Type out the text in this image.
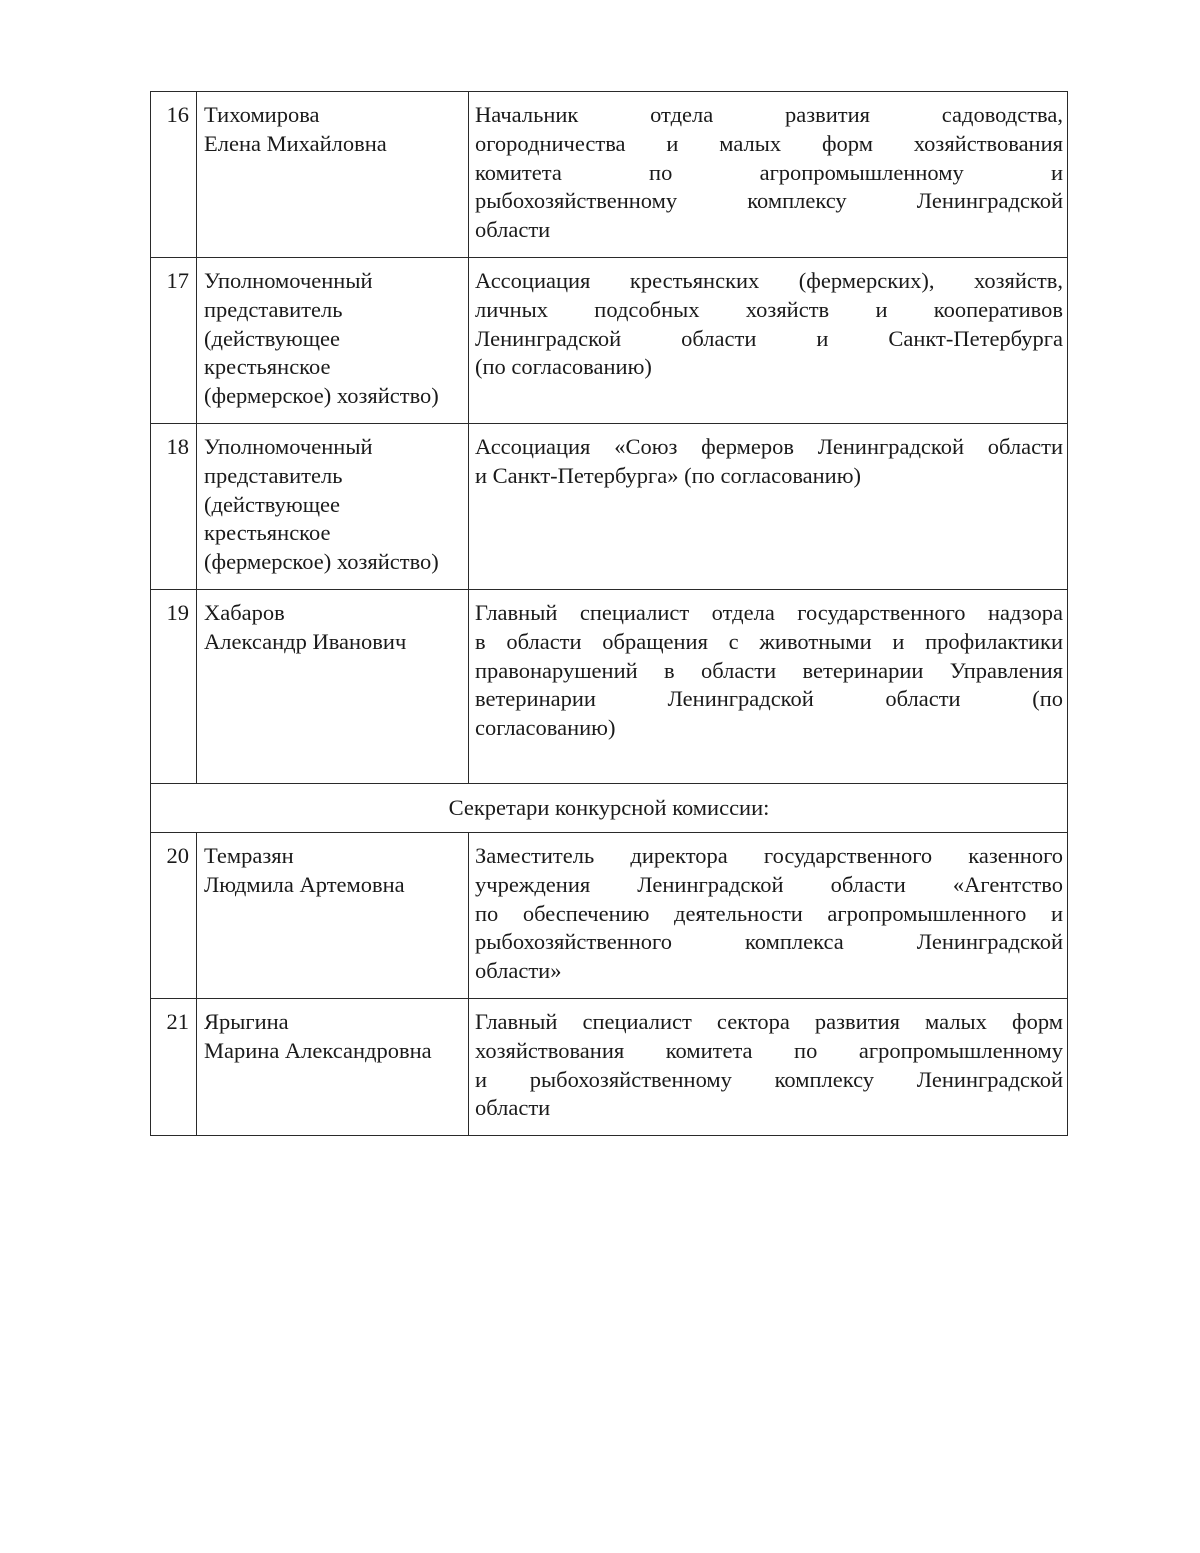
16	Тихомирова
Елена Михайловна	Начальник отдела развития садоводства,
огородничества и малых форм хозяйствования
комитета по агропромышленному и
рыбохозяйственному комплексу Ленинградской
области

17	Уполномоченный
представитель
(действующее
крестьянское
(фермерское) хозяйство)	Ассоциация крестьянских (фермерских), хозяйств,
личных подсобных хозяйств и кооперативов
Ленинградской области и Санкт-Петербурга
(по согласованию)

18	Уполномоченный
представитель
(действующее
крестьянское
(фермерское) хозяйство)	Ассоциация «Союз фермеров Ленинградской области
и Санкт-Петербурга» (по согласованию)

19	Хабаров
Александр Иванович	Главный специалист отдела государственного надзора
в области обращения с животными и профилактики
правонарушений в области ветеринарии Управления
ветеринарии Ленинградской области (по
согласованию)

Секретари конкурсной комиссии:		
20	Темразян
Людмила Артемовна	Заместитель директора государственного казенного
учреждения Ленинградской области «Агентство
по обеспечению деятельности агропромышленного и
рыбохозяйственного комплекса Ленинградской
области»

21	Ярыгина
Марина Александровна	Главный специалист сектора развития малых форм
хозяйствования комитета по агропромышленному
и рыбохозяйственному комплексу Ленинградской
области
